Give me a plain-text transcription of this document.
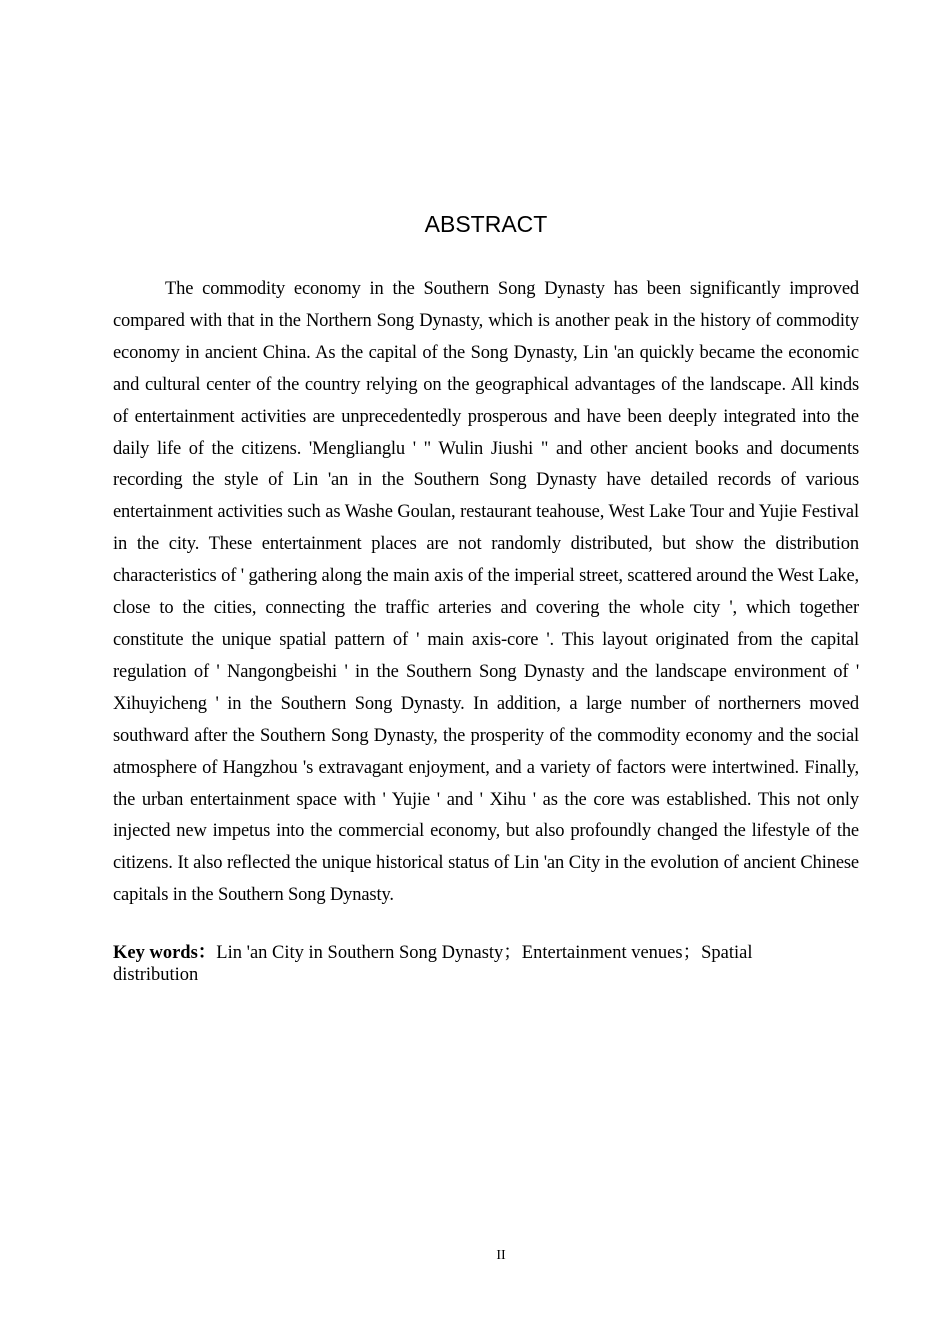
ABSTRACT

The commodity economy in the Southern Song Dynasty has been significantly improved compared with that in the Northern Song Dynasty, which is another peak in the history of commodity economy in ancient China. As the capital of the Song Dynasty, Lin 'an quickly became the economic and cultural center of the country relying on the geographical advantages of the landscape. All kinds of entertainment activities are unprecedentedly prosperous and have been deeply integrated into the daily life of the citizens. 'Menglianglu ' " Wulin Jiushi " and other ancient books and documents recording the style of Lin 'an in the Southern Song Dynasty have detailed records of various entertainment activities such as Washe Goulan, restaurant teahouse, West Lake Tour and Yujie Festival in the city. These entertainment places are not randomly distributed, but show the distribution characteristics of ' gathering along the main axis of the imperial street, scattered around the West Lake, close to the cities, connecting the traffic arteries and covering the whole city ', which together constitute the unique spatial pattern of ' main axis-core '. This layout originated from the capital regulation of ' Nangongbeishi ' in the Southern Song Dynasty and the landscape environment of ' Xihuyicheng ' in the Southern Song Dynasty. In addition, a large number of northerners moved southward after the Southern Song Dynasty, the prosperity of the commodity economy and the social atmosphere of Hangzhou 's extravagant enjoyment, and a variety of factors were intertwined. Finally, the urban entertainment space with ' Yujie ' and ' Xihu ' as the core was established. This not only injected new impetus into the commercial economy, but also profoundly changed the lifestyle of the citizens. It also reflected the unique historical status of Lin 'an City in the evolution of ancient Chinese capitals in the Southern Song Dynasty.

Key words：Lin 'an City in Southern Song Dynasty；Entertainment venues；Spatial distribution
II
